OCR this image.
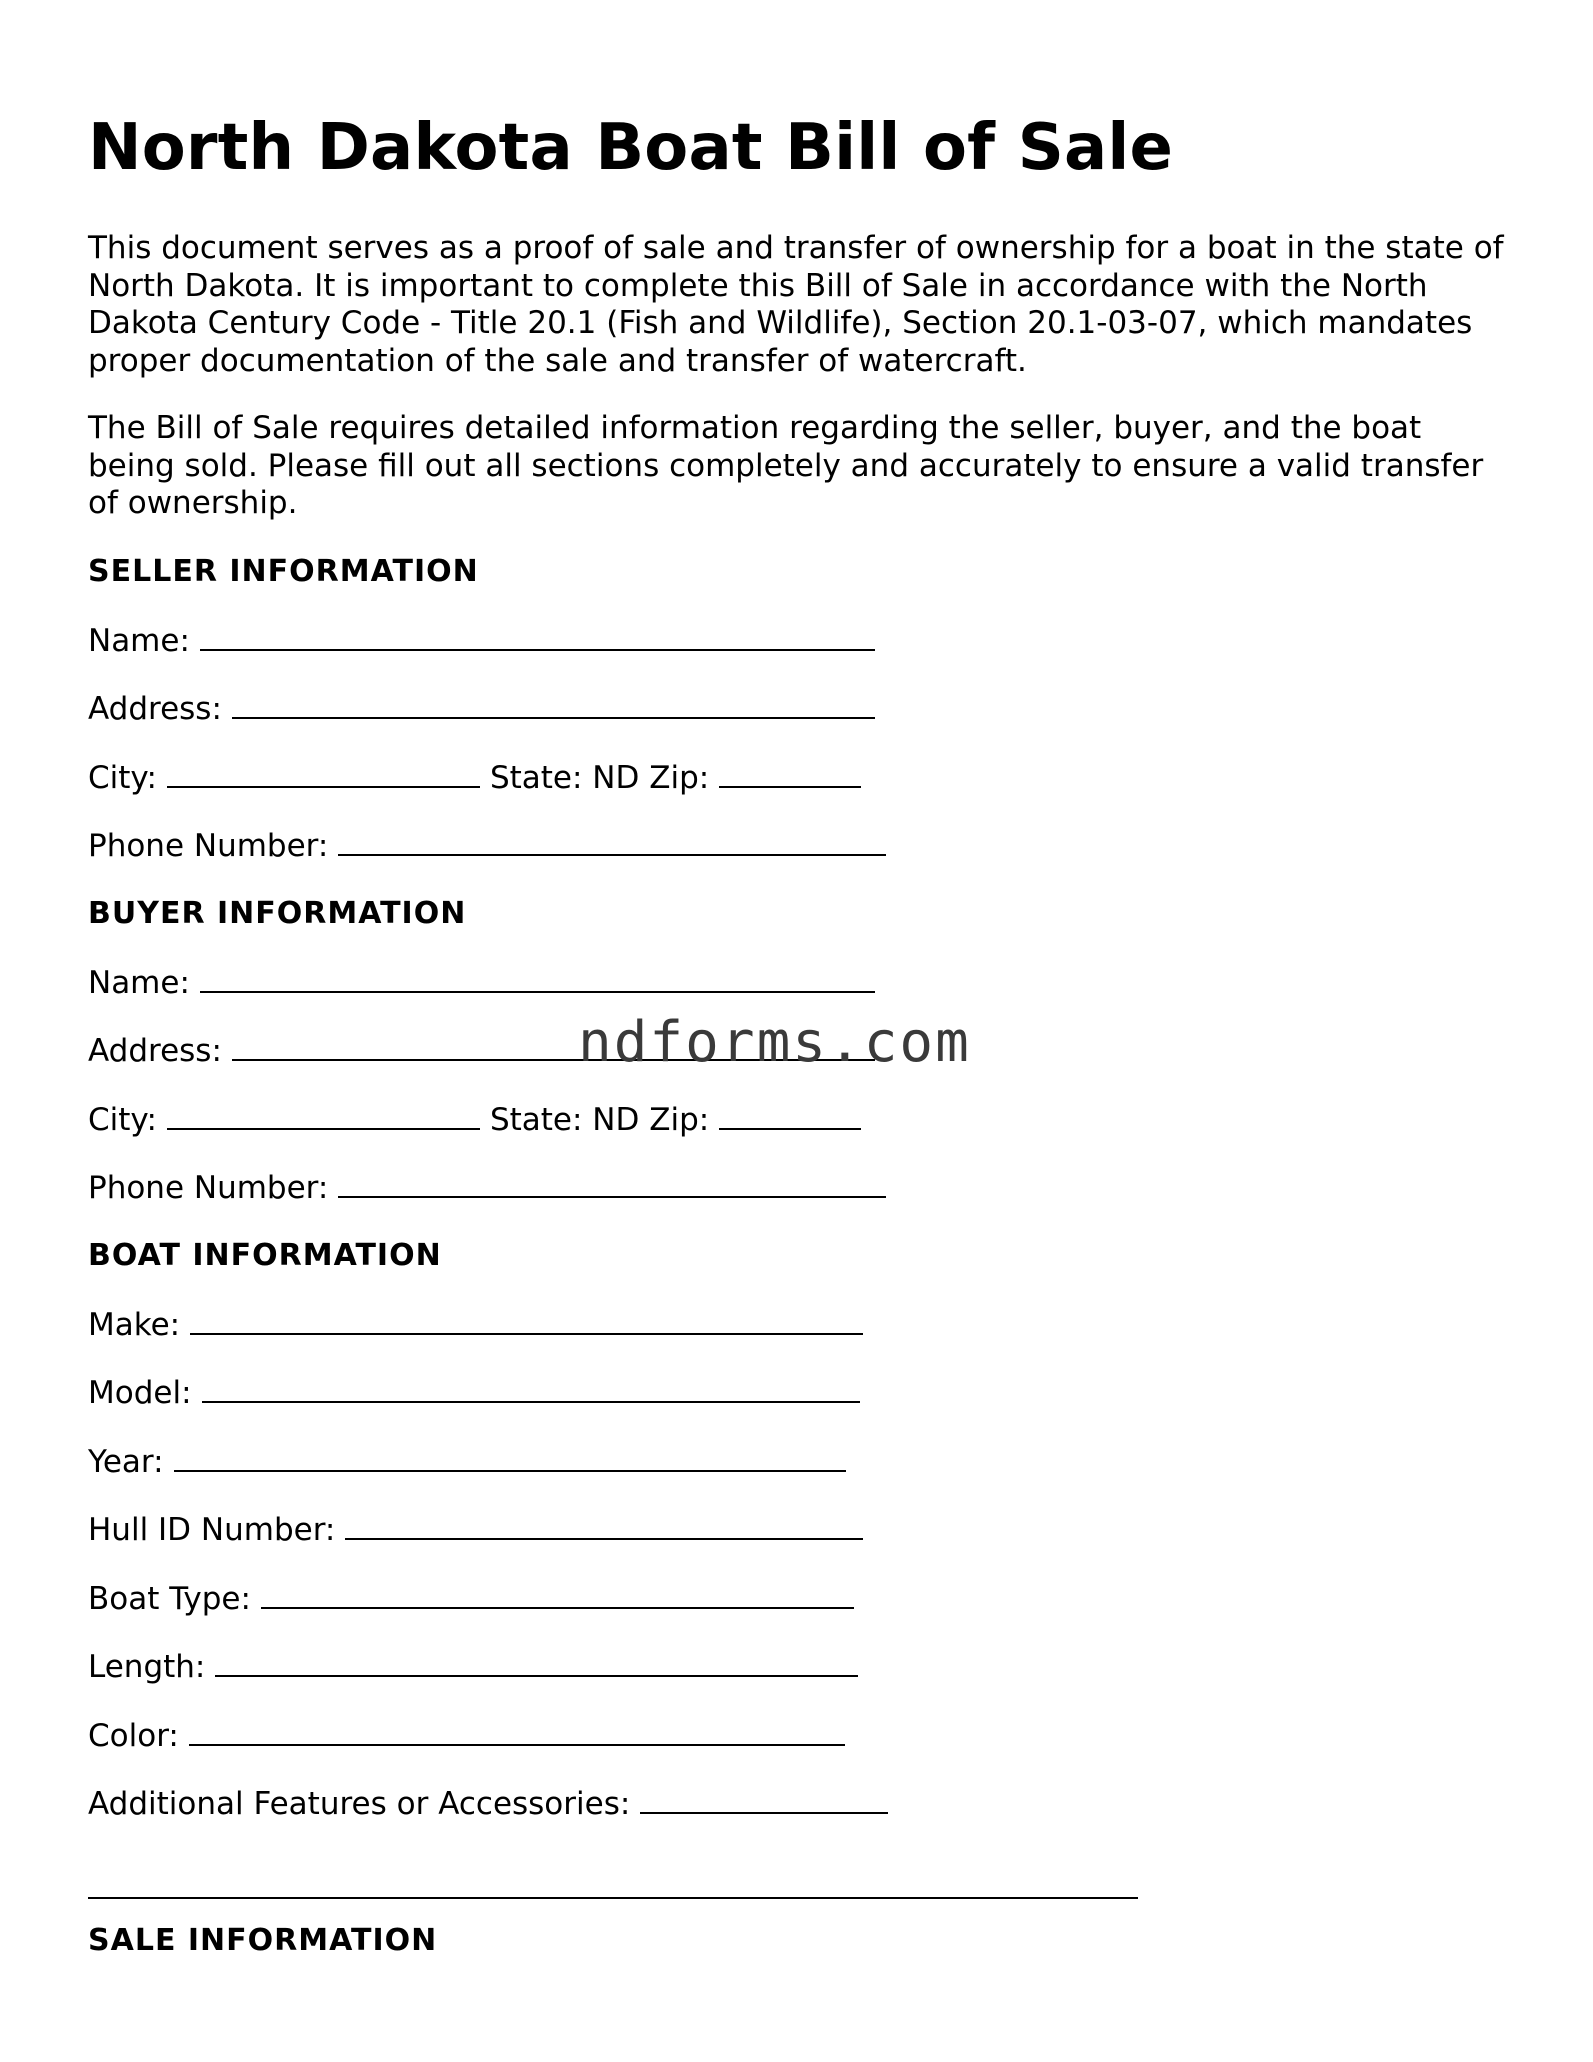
North Dakota Boat Bill of Sale

This document serves as a proof of sale and transfer of ownership for a boat in the state of North Dakota. It is important to complete this Bill of Sale in accordance with the North Dakota Century Code - Title 20.1 (Fish and Wildlife), Section 20.1-03-07, which mandates proper documentation of the sale and transfer of watercraft.

The Bill of Sale requires detailed information regarding the seller, buyer, and the boat being sold. Please fill out all sections completely and accurately to ensure a valid transfer of ownership.

SELLER INFORMATION
Name:
Address:
City:	State: ND Zip:
Phone Number:
BUYER INFORMATION
Name:
Address:
City:	State: ND Zip:
Phone Number:
BOAT INFORMATION
Make:
Model:
Year:
Hull ID Number:
Boat Type:
Length:
Color:
Additional Features or Accessories:
SALE INFORMATION
ndforms.com
